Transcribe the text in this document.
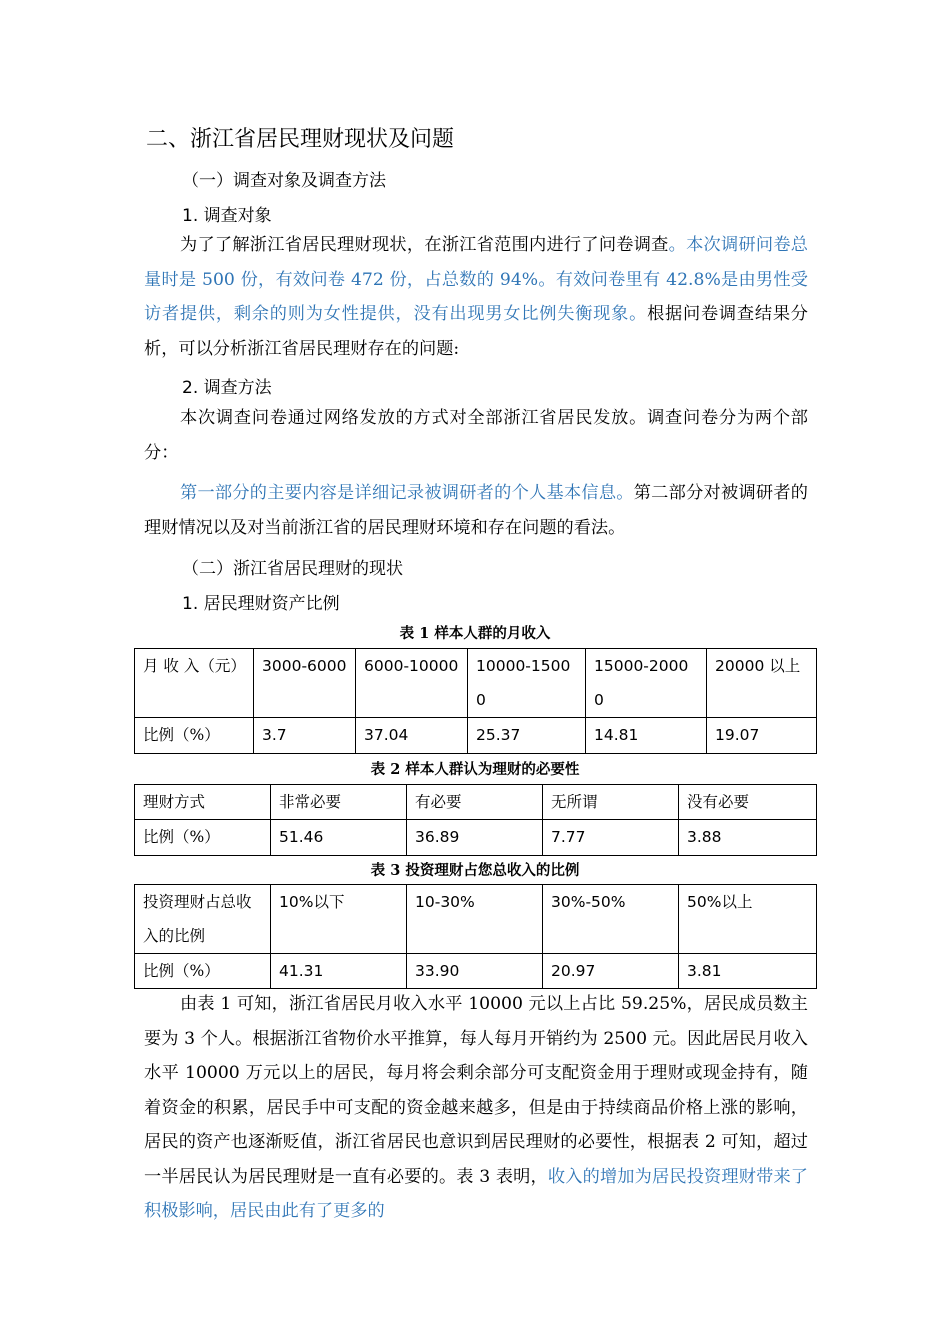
二、浙江省居民理财现状及问题
（一）调查对象及调查方法
1. 调查对象

为了了解浙江省居民理财现状，在浙江省范围内进行了问卷调查。本次调研问卷总量时是 500 份，有效问卷 472 份，占总数的 94%。有效问卷里有 42.8%是由男性受访者提供，剩余的则为女性提供，没有出现男女比例失衡现象。根据问卷调查结果分析，可以分析浙江省居民理财存在的问题:

2. 调查方法

本次调查问卷通过网络发放的方式对全部浙江省居民发放。调查问卷分为两个部分：

第一部分的主要内容是详细记录被调研者的个人基本信息。第二部分对被调研者的理财情况以及对当前浙江省的居民理财环境和存在问题的看法。

（二）浙江省居民理财的现状
1. 居民理财资产比例
表 1 样本人群的月收入
月 收 入（元）	3000-6000	6000-10000	10000-15000	15000-20000	20000 以上
比例（%）	3.7	37.04	25.37	14.81	19.07
表 2 样本人群认为理财的必要性
理财方式	非常必要	有必要	无所谓	没有必要
比例（%）	51.46	36.89	7.77	3.88
表 3 投资理财占您总收入的比例
投资理财占总收入的比例	10%以下	10-30%	30%-50%	50%以上
比例（%）	41.31	33.90	20.97	3.81

由表 1 可知，浙江省居民月收入水平 10000 元以上占比 59.25%，居民成员数主要为 3 个人。根据浙江省物价水平推算，每人每月开销约为 2500 元。因此居民月收入水平 10000 万元以上的居民，每月将会剩余部分可支配资金用于理财或现金持有，随着资金的积累，居民手中可支配的资金越来越多，但是由于持续商品价格上涨的影响，居民的资产也逐渐贬值，浙江省居民也意识到居民理财的必要性，根据表 2 可知，超过一半居民认为居民理财是一直有必要的。表 3 表明，收入的增加为居民投资理财带来了积极影响，居民由此有了更多的
